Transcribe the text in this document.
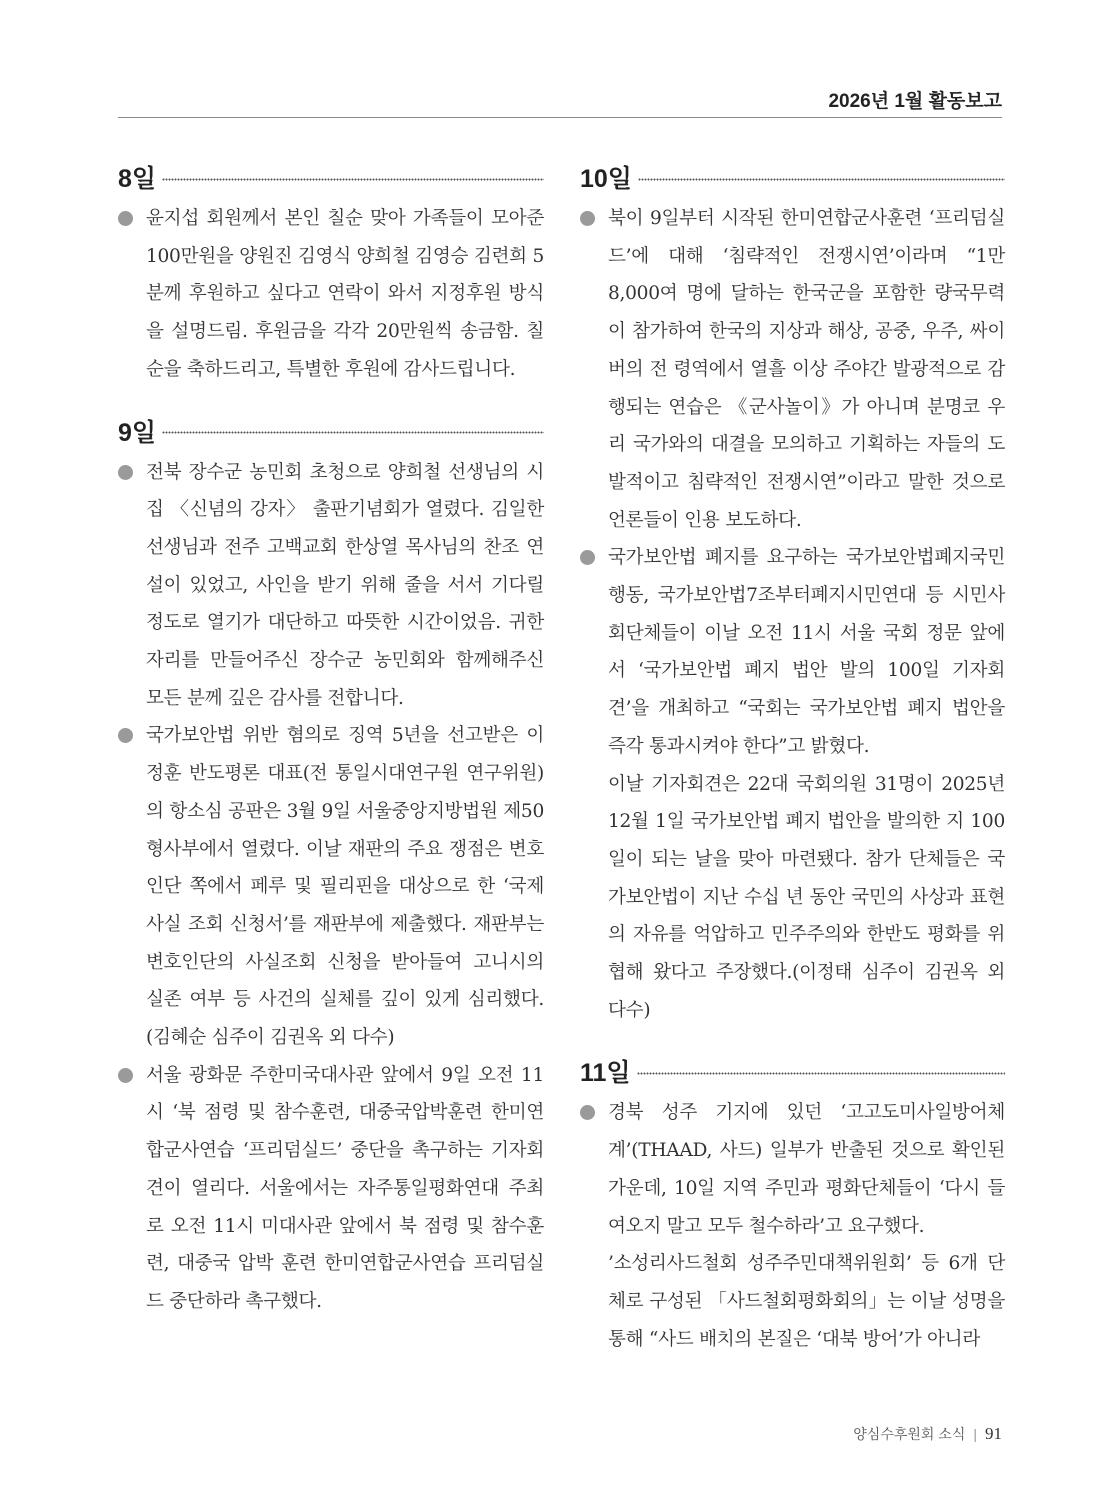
2026년 1월 활동보고
8일
윤지섭 회원께서 본인 칠순 맞아 가족들이 모아준 100만원을 양원진 김영식 양희철 김영승 김련희 5분께 후원하고 싶다고 연락이 와서 지정후원 방식을 설명드림. 후원금을 각각 20만원씩 송금함. 칠순을 축하드리고, 특별한 후원에 감사드립니다.
9일
전북 장수군 농민회 초청으로 양희철 선생님의 시집 〈신념의 강자〉 출판기념회가 열렸다. 김일한 선생님과 전주 고백교회 한상열 목사님의 찬조 연설이 있었고, 사인을 받기 위해 줄을 서서 기다릴 정도로 열기가 대단하고 따뜻한 시간이었음. 귀한 자리를 만들어주신 장수군 농민회와 함께해주신 모든 분께 깊은 감사를 전합니다.
국가보안법 위반 혐의로 징역 5년을 선고받은 이정훈 반도평론 대표(전 통일시대연구원 연구위원)의 항소심 공판은 3월 9일 서울중앙지방법원 제50형사부에서 열렸다. 이날 재판의 주요 쟁점은 변호인단 쪽에서 페루 및 필리핀을 대상으로 한 ‘국제 사실 조회 신청서’를 재판부에 제출했다. 재판부는 변호인단의 사실조회 신청을 받아들여 고니시의 실존 여부 등 사건의 실체를 깊이 있게 심리했다.(김혜순 심주이 김권옥 외 다수)
서울 광화문 주한미국대사관 앞에서 9일 오전 11시 ‘북 점령 및 참수훈련, 대중국압박훈련 한미연합군사연습 ‘프리덤실드’ 중단을 촉구하는 기자회견이 열리다. 서울에서는 자주통일평화연대 주최로 오전 11시 미대사관 앞에서 북 점령 및 참수훈련, 대중국 압박 훈련 한미연합군사연습 프리덤실드 중단하라 촉구했다.
10일
북이 9일부터 시작된 한미연합군사훈련 ‘프리덤실드’에 대해 ‘침략적인 전쟁시연’이라며 “1만 8,000여 명에 달하는 한국군을 포함한 량국무력이 참가하여 한국의 지상과 해상, 공중, 우주, 싸이버의 전 령역에서 열흘 이상 주야간 발광적으로 감행되는 연습은 《군사놀이》가 아니며 분명코 우리 국가와의 대결을 모의하고 기획하는 자들의 도발적이고 침략적인 전쟁시연”이라고 말한 것으로 언론들이 인용 보도하다.
국가보안법 폐지를 요구하는 국가보안법폐지국민행동, 국가보안법7조부터폐지시민연대 등 시민사회단체들이 이날 오전 11시 서울 국회 정문 앞에서 ‘국가보안법 폐지 법안 발의 100일 기자회견’을 개최하고 “국회는 국가보안법 폐지 법안을 즉각 통과시켜야 한다”고 밝혔다.
이날 기자회견은 22대 국회의원 31명이 2025년 12월 1일 국가보안법 폐지 법안을 발의한 지 100일이 되는 날을 맞아 마련됐다. 참가 단체들은 국가보안법이 지난 수십 년 동안 국민의 사상과 표현의 자유를 억압하고 민주주의와 한반도 평화를 위협해 왔다고 주장했다.(이정태 심주이 김권옥 외 다수)
11일
경북 성주 기지에 있던 ‘고고도미사일방어체계’(THAAD, 사드) 일부가 반출된 것으로 확인된 가운데, 10일 지역 주민과 평화단체들이 ‘다시 들여오지 말고 모두 철수하라’고 요구했다.
’소성리사드철회 성주주민대책위원회’ 등 6개 단체로 구성된 「사드철회평화회의」는 이날 성명을 통해 “사드 배치의 본질은 ‘대북 방어’가 아니라
양심수후원회 소식 | 91
